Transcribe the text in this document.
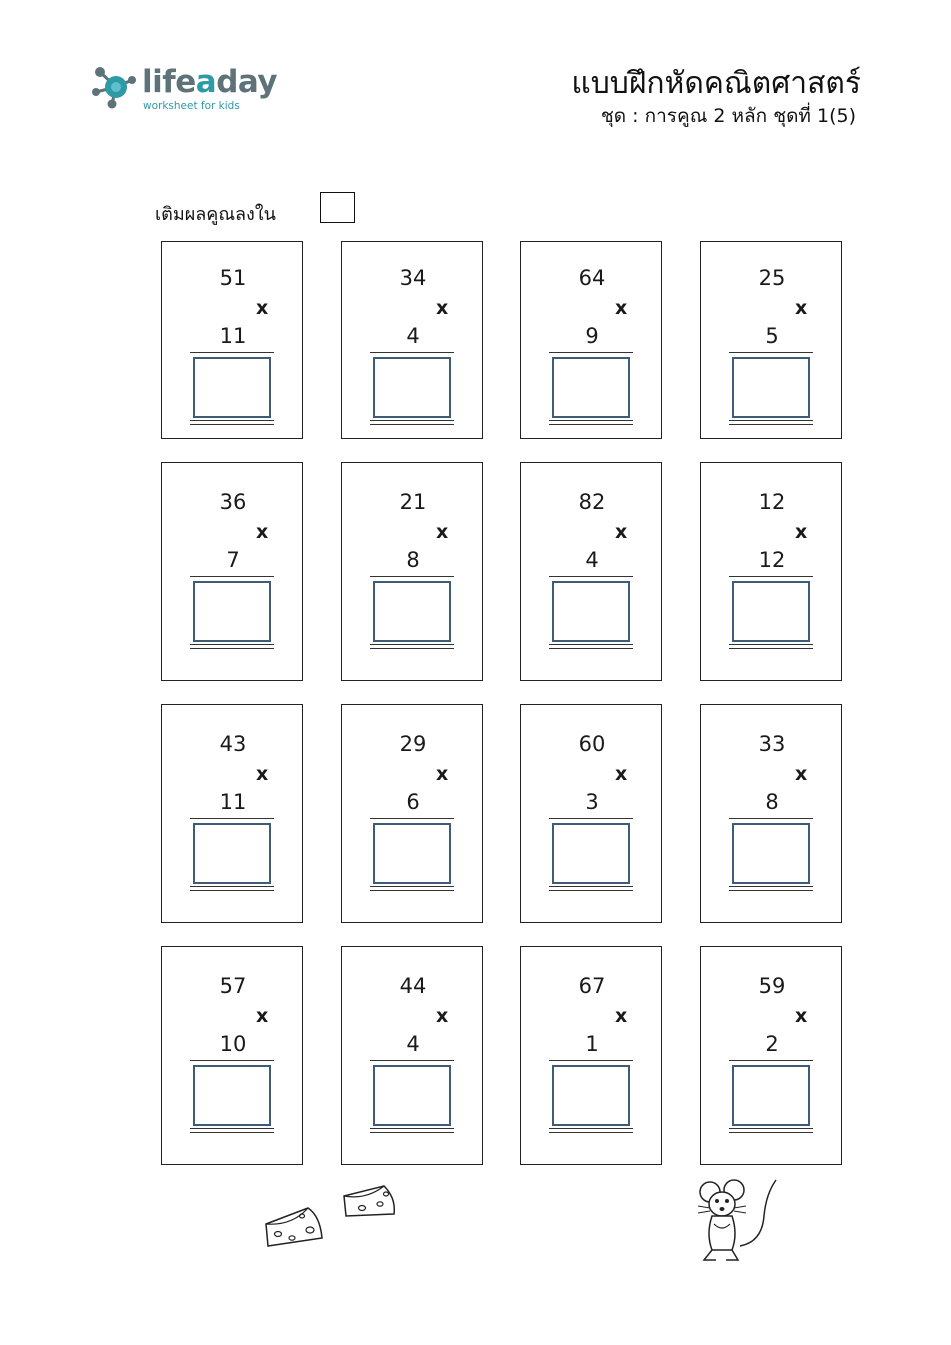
lifeaday
worksheet for kids
แบบฝึกหัดคณิตศาสตร์
ชุด : การคูณ 2 หลัก ชุดที่ 1(5)
เติมผลคูณลงใน
51
x
11
34
x
4
64
x
9
25
x
5
36
x
7
21
x
8
82
x
4
12
x
12
43
x
11
29
x
6
60
x
3
33
x
8
57
x
10
44
x
4
67
x
1
59
x
2
